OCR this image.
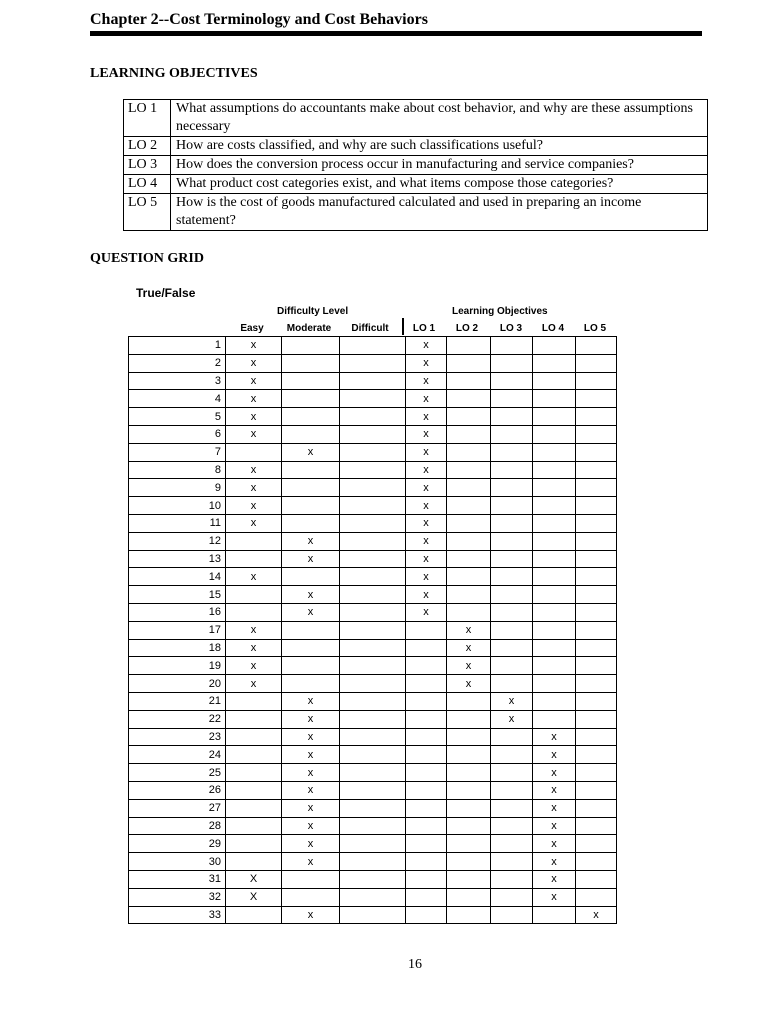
Chapter 2--Cost Terminology and Cost Behaviors
LEARNING OBJECTIVES
LO 1	What assumptions do accountants make about cost behavior, and why are these assumptions necessary
LO 2	How are costs classified, and why are such classifications useful?
LO 3	How does the conversion process occur in manufacturing and service companies?
LO 4	What product cost categories exist, and what items compose those categories?
LO 5	How is the cost of goods manufactured calculated and used in preparing an income statement?
QUESTION GRID
True/False
Difficulty Level	Learning Objectives
Easy	Moderate	Difficult	LO 1	LO 2 LO 3 LO 4 LO 5
1	x			x				
2	x			x				
3	x			x				
4	x			x				
5	x			x				
6	x			x				
7		x		x				
8	x			x				
9	x			x				
10	x			x				
11	x			x				
12		x		x				
13		x		x				
14	x			x				
15		x		x				
16		x		x				
17	x				x			
18	x				x			
19	x				x			
20	x				x			
21		x				x		
22		x				x		
23		x					x	
24		x					x	
25		x					x	
26		x					x	
27		x					x	
28		x					x	
29		x					x	
30		x					x	
31	X						x	
32	X						x	
33		x						x
16
